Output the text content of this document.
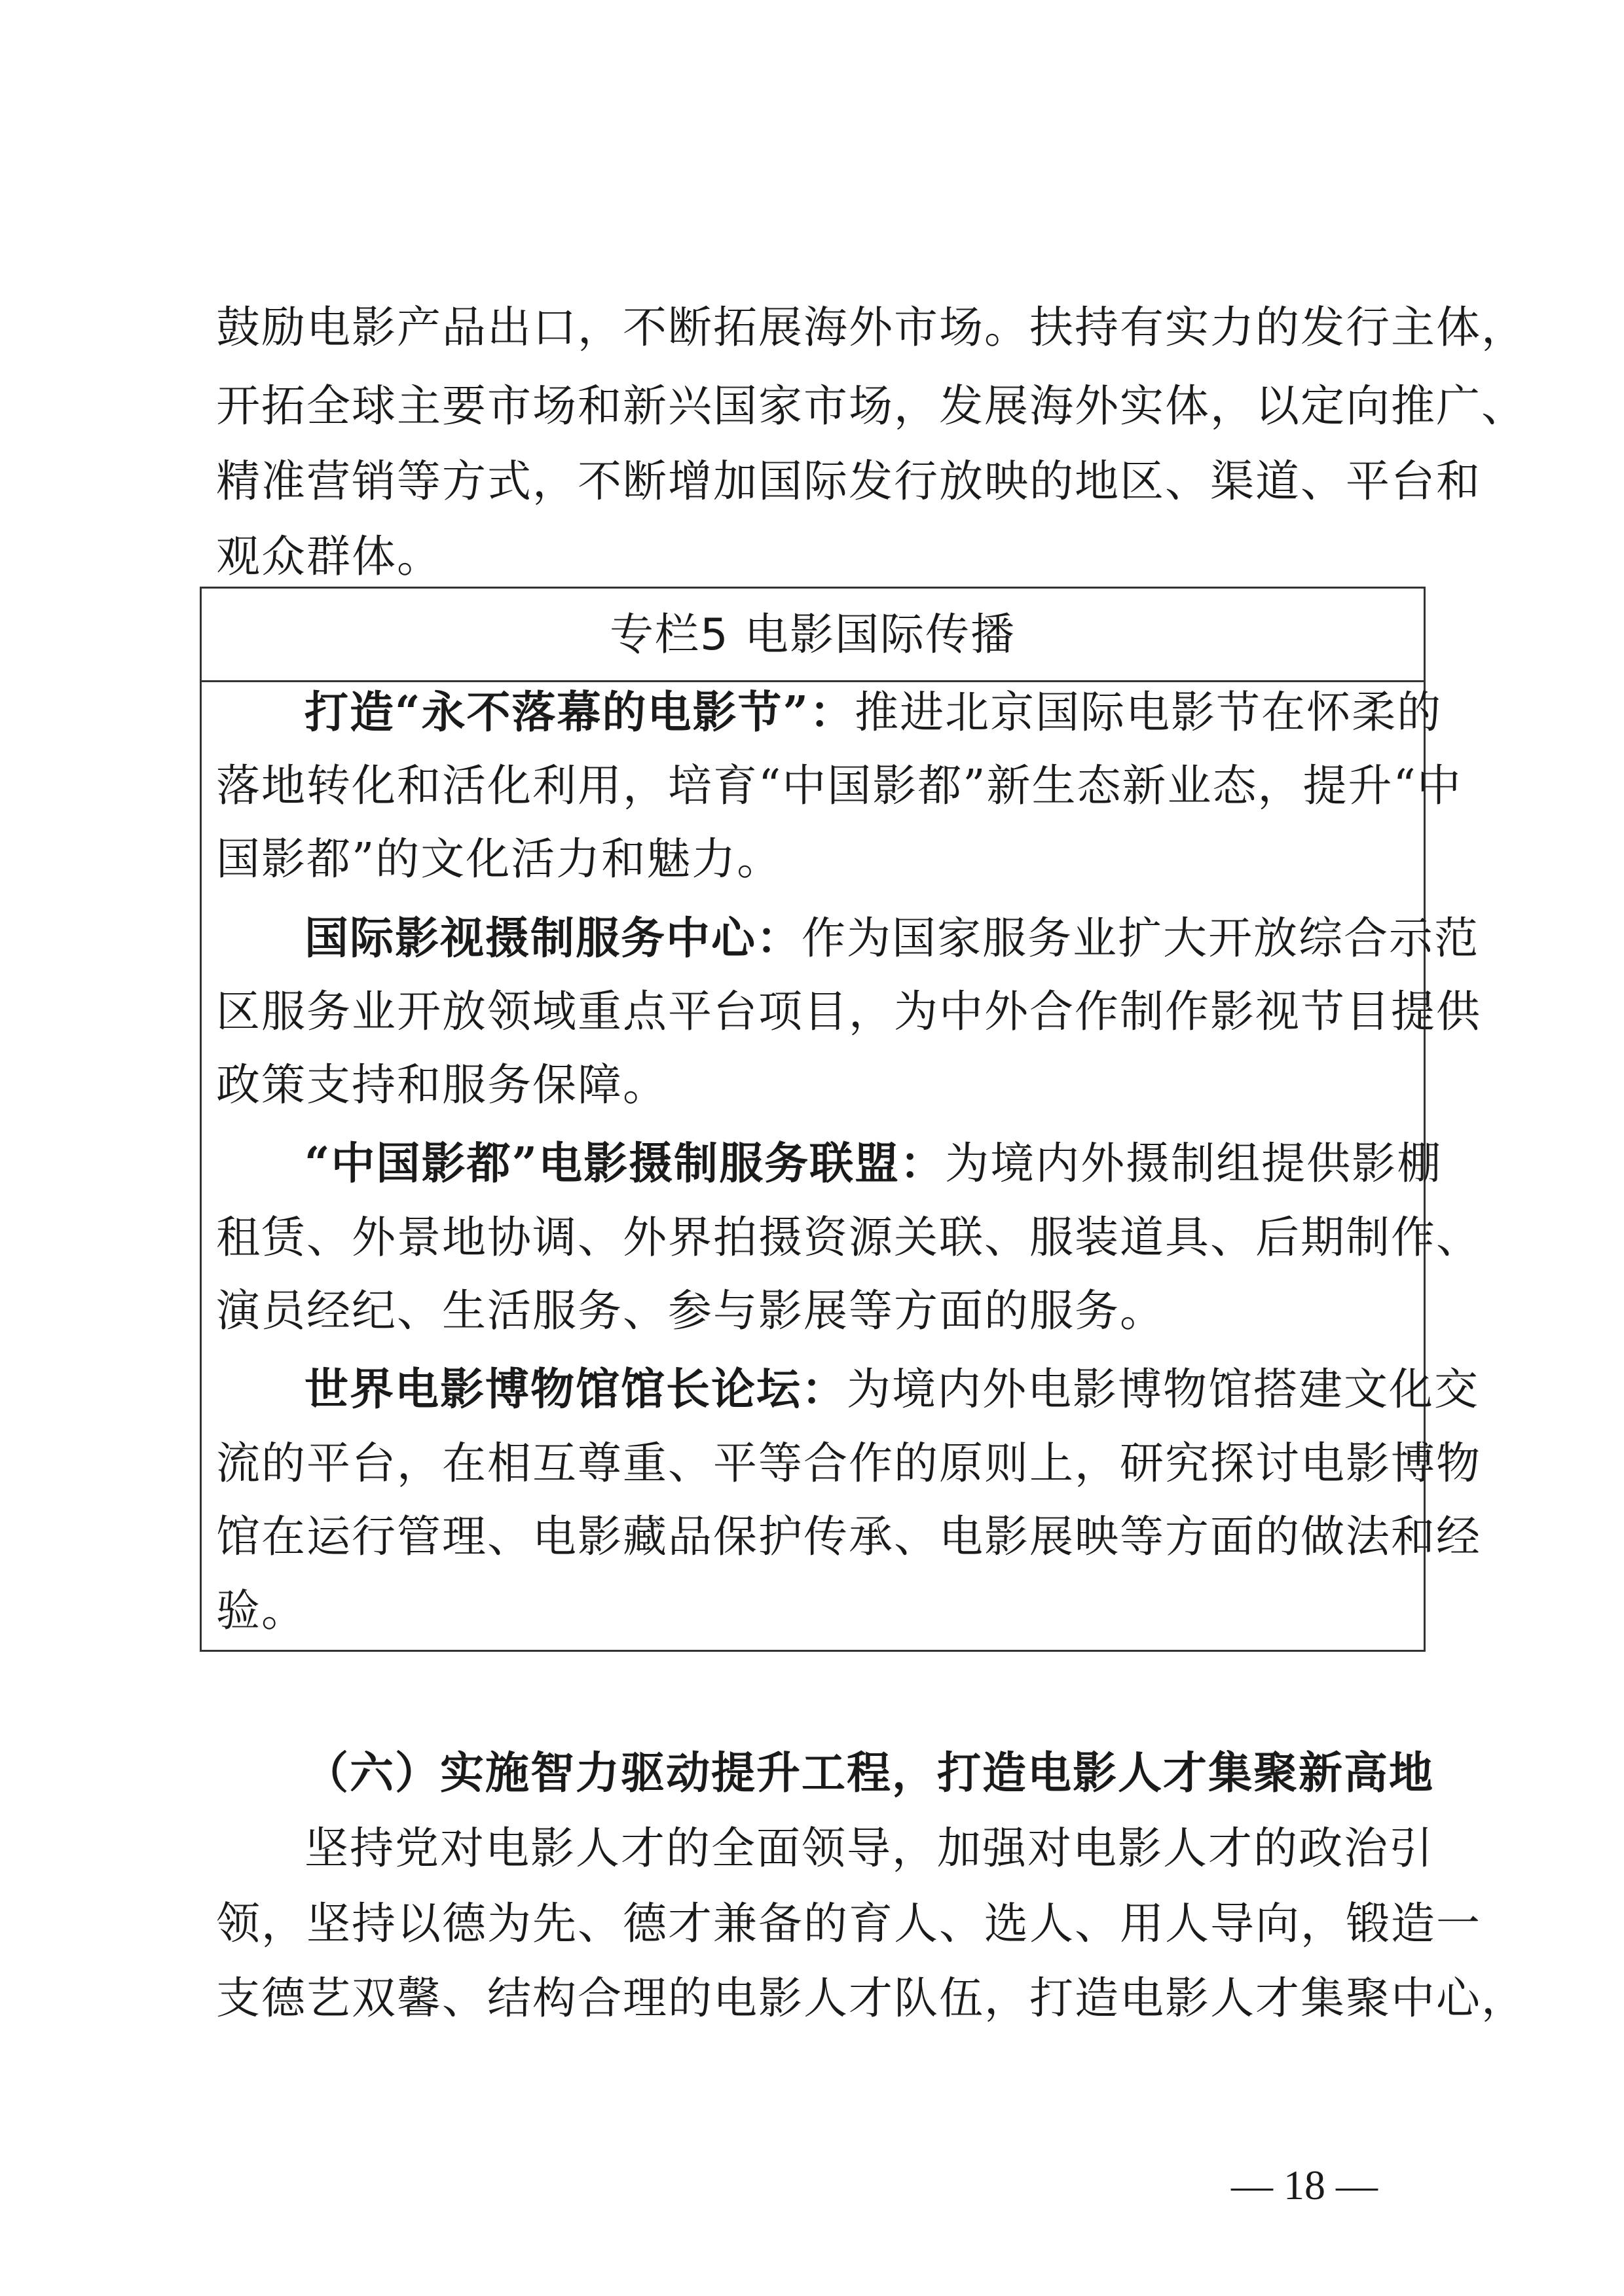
鼓励电影产品出口，不断拓展海外市场。扶持有实力的发行主体，
开拓全球主要市场和新兴国家市场，发展海外实体，以定向推广、
精准营销等方式，不断增加国际发行放映的地区、渠道、平台和
观众群体。
专栏5 电影国际传播
打造“永不落幕的电影节”：推进北京国际电影节在怀柔的
落地转化和活化利用，培育“中国影都”新生态新业态，提升“中
国影都”的文化活力和魅力。
国际影视摄制服务中心：作为国家服务业扩大开放综合示范
区服务业开放领域重点平台项目，为中外合作制作影视节目提供
政策支持和服务保障。
“中国影都”电影摄制服务联盟：为境内外摄制组提供影棚
租赁、外景地协调、外界拍摄资源关联、服装道具、后期制作、
演员经纪、生活服务、参与影展等方面的服务。
世界电影博物馆馆长论坛：为境内外电影博物馆搭建文化交
流的平台，在相互尊重、平等合作的原则上，研究探讨电影博物
馆在运行管理、电影藏品保护传承、电影展映等方面的做法和经
验。
（六）实施智力驱动提升工程，打造电影人才集聚新高地
坚持党对电影人才的全面领导，加强对电影人才的政治引
领，坚持以德为先、德才兼备的育人、选人、用人导向，锻造一
支德艺双馨、结构合理的电影人才队伍，打造电影人才集聚中心，
— 18 —
